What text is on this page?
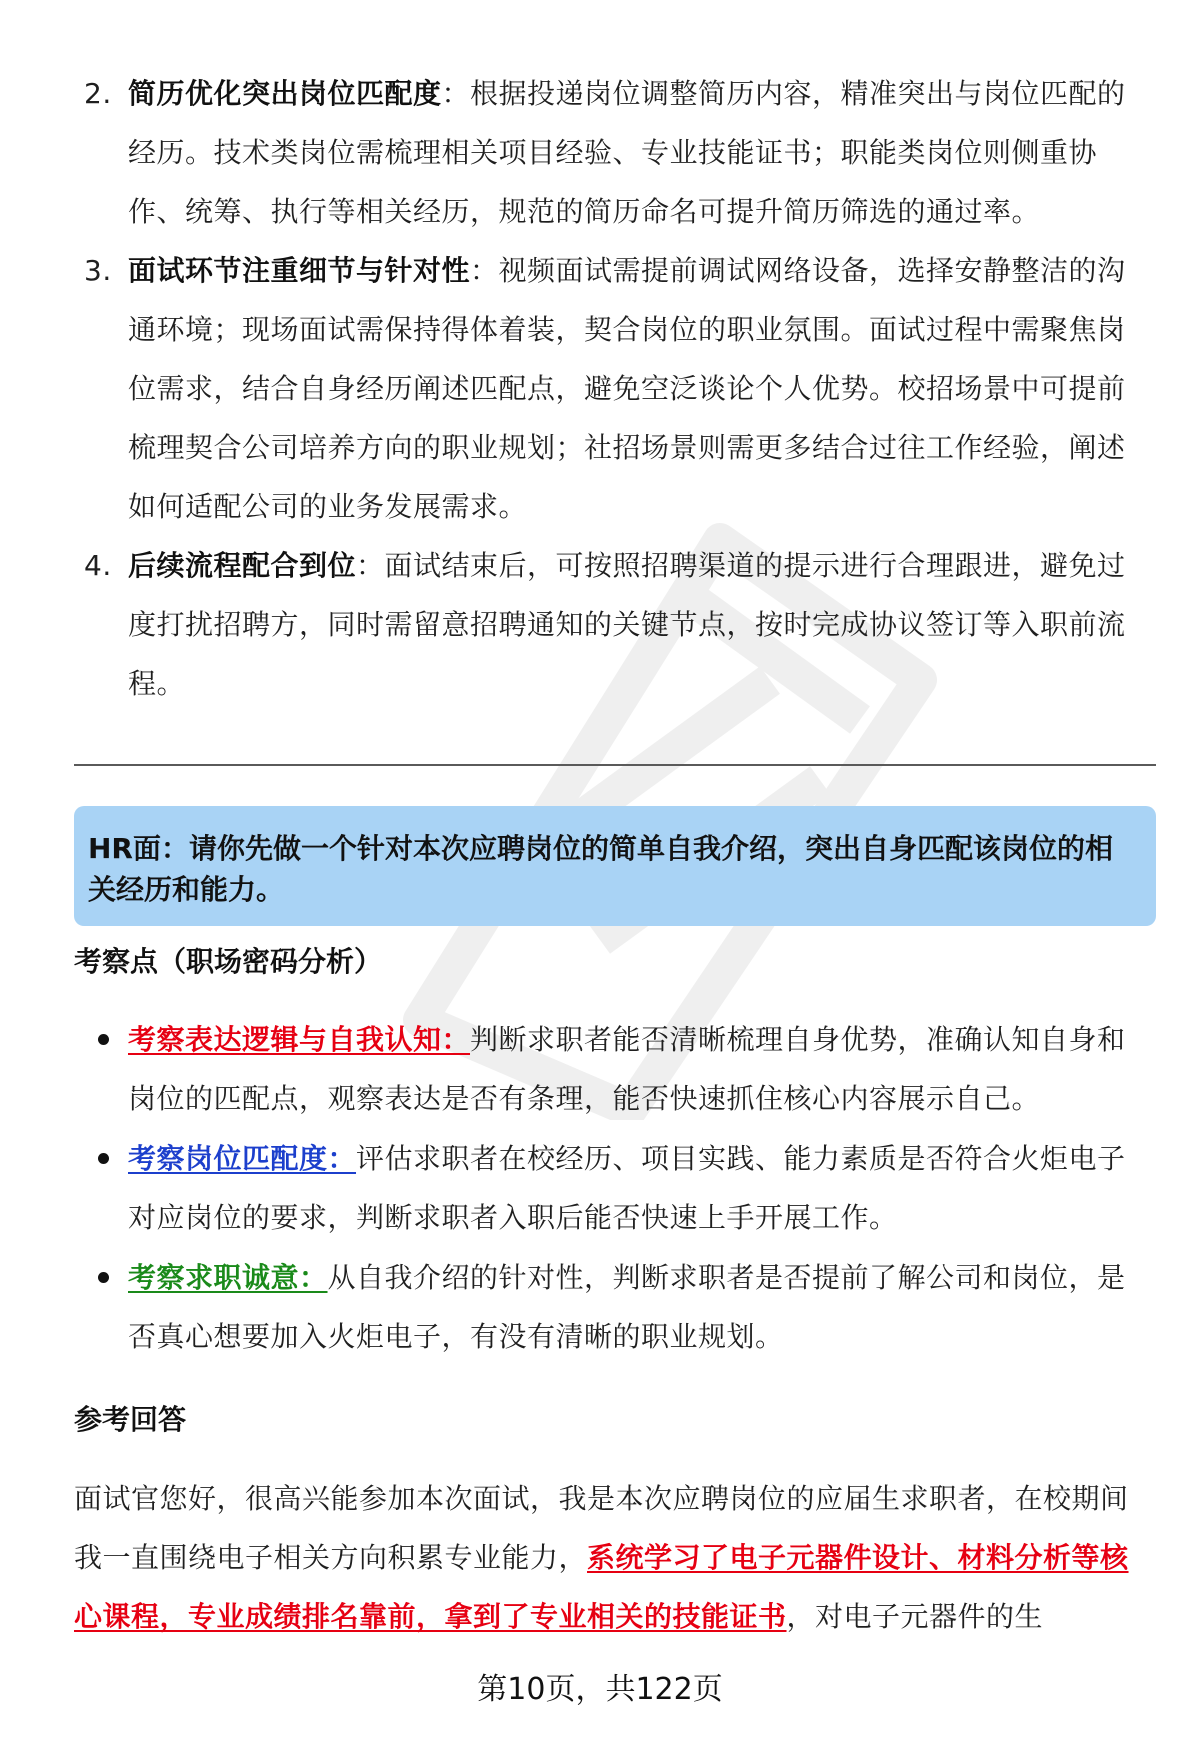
2. 简历优化突出岗位匹配度：根据投递岗位调整简历内容，精准突出与岗位匹配的经历。技术类岗位需梳理相关项目经验、专业技能证书；职能类岗位则侧重协作、统筹、执行等相关经历，规范的简历命名可提升简历筛选的通过率。
3. 面试环节注重细节与针对性：视频面试需提前调试网络设备，选择安静整洁的沟通环境；现场面试需保持得体着装，契合岗位的职业氛围。面试过程中需聚焦岗位需求，结合自身经历阐述匹配点，避免空泛谈论个人优势。校招场景中可提前梳理契合公司培养方向的职业规划；社招场景则需更多结合过往工作经验，阐述如何适配公司的业务发展需求。
4. 后续流程配合到位：面试结束后，可按照招聘渠道的提示进行合理跟进，避免过度打扰招聘方，同时需留意招聘通知的关键节点，按时完成协议签订等入职前流程。
HR面：请你先做一个针对本次应聘岗位的简单自我介绍，突出自身匹配该岗位的相关经历和能力。
考察点（职场密码分析）
考察表达逻辑与自我认知：判断求职者能否清晰梳理自身优势，准确认知自身和岗位的匹配点，观察表达是否有条理，能否快速抓住核心内容展示自己。
考察岗位匹配度：评估求职者在校经历、项目实践、能力素质是否符合火炬电子对应岗位的要求，判断求职者入职后能否快速上手开展工作。
考察求职诚意：从自我介绍的针对性，判断求职者是否提前了解公司和岗位，是否真心想要加入火炬电子，有没有清晰的职业规划。
参考回答

面试官您好，很高兴能参加本次面试，我是本次应聘岗位的应届生求职者，在校期间我一直围绕电子相关方向积累专业能力，系统学习了电子元器件设计、材料分析等核心课程，专业成绩排名靠前，拿到了专业相关的技能证书，对电子元器件的生

第10页，共122页
